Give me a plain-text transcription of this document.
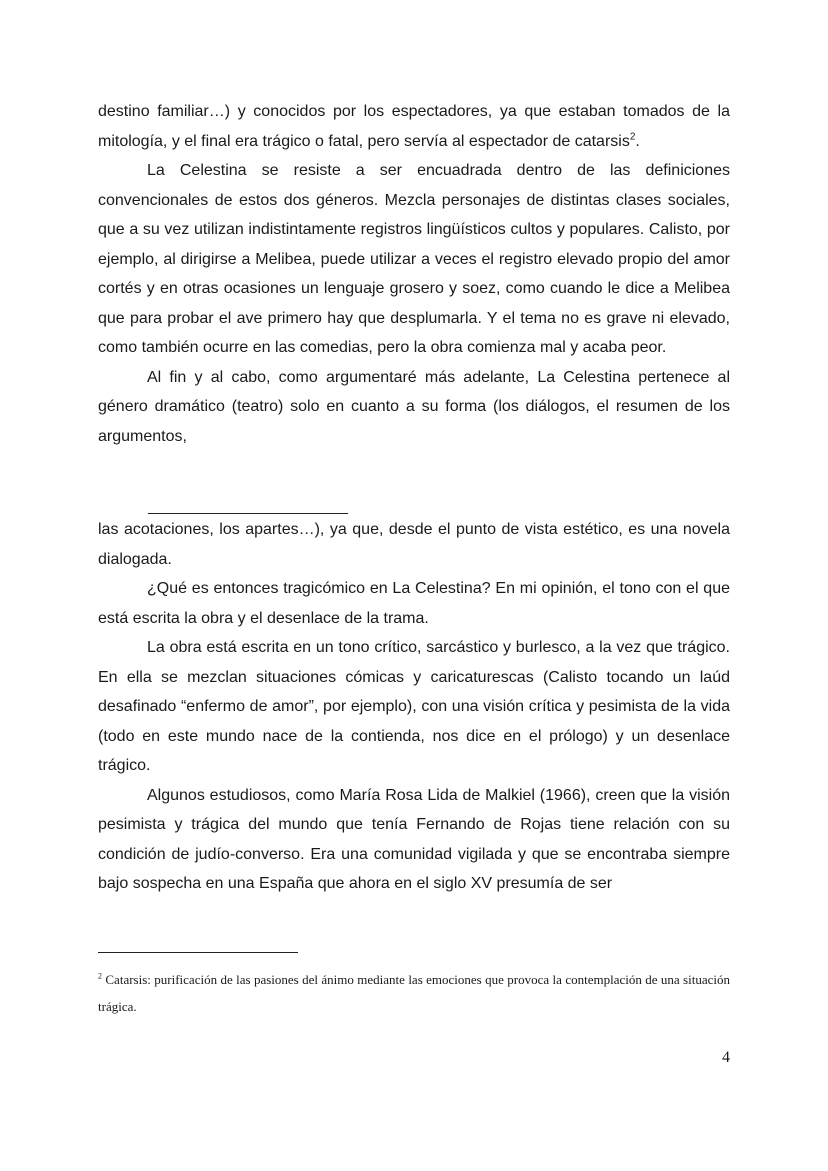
destino familiar…) y conocidos por los espectadores, ya que estaban tomados de la mitología, y el final era trágico o fatal, pero servía al espectador de catarsis$^2$.

La Celestina se resiste a ser encuadrada dentro de las definiciones convencionales de estos dos géneros. Mezcla personajes de distintas clases sociales, que a su vez utilizan indistintamente registros lingüísticos cultos y populares. Calisto, por ejemplo, al dirigirse a Melibea, puede utilizar a veces el registro elevado propio del amor cortés y en otras ocasiones un lenguaje grosero y soez, como cuando le dice a Melibea que para probar el ave primero hay que desplumarla. Y el tema no es grave ni elevado, como también ocurre en las comedias, pero la obra comienza mal y acaba peor.

Al fin y al cabo, como argumentaré más adelante, La Celestina pertenece al género dramático (teatro) solo en cuanto a su forma (los diálogos, el resumen de los argumentos,

las acotaciones, los apartes…), ya que, desde el punto de vista estético, es una novela dialogada.

¿Qué es entonces tragicómico en La Celestina? En mi opinión, el tono con el que está escrita la obra y el desenlace de la trama.

La obra está escrita en un tono crítico, sarcástico y burlesco, a la vez que trágico. En ella se mezclan situaciones cómicas y caricaturescas (Calisto tocando un laúd desafinado “enfermo de amor”, por ejemplo), con una visión crítica y pesimista de la vida (todo en este mundo nace de la contienda, nos dice en el prólogo) y un desenlace trágico.

Algunos estudiosos, como María Rosa Lida de Malkiel (1966), creen que la visión pesimista y trágica del mundo que tenía Fernando de Rojas tiene relación con su condición de judío-converso. Era una comunidad vigilada y que se encontraba siempre bajo sospecha en una España que ahora en el siglo XV presumía de ser

$^2$ Catarsis: purificación de las pasiones del ánimo mediante las emociones que provoca la contemplación de una situación trágica.

4
